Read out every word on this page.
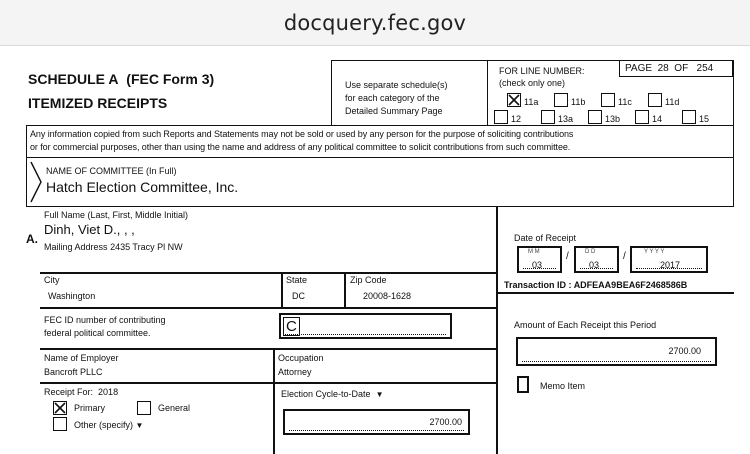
docquery.fec.gov
SCHEDULE A (FEC Form 3)
ITEMIZED RECEIPTS
Use separate schedule(s)
for each category of the
Detailed Summary Page
FOR LINE NUMBER:
(check only one)
PAGE 28 OF 254
11a	11b	11c	11d
12	13a	13b	14	15
Any information copied from such Reports and Statements may not be sold or used by any person for the purpose of soliciting contributions
or for commercial purposes, other than using the name and address of any political committee to solicit contributions from such committee.
NAME OF COMMITTEE (In Full)
Hatch Election Committee, Inc.
A.
Full Name (Last, First, Middle Initial)
Dinh, Viet D., , ,
Mailing Address 2435 Tracy Pl NW
City
Washington
State
DC
Zip Code
20008-1628
FEC ID number of contributing
federal political committee.	C
Name of Employer
Bancroft PLLC
Occupation
Attorney
Receipt For: 2018
Primary	General
Other (specify) ▼
Election Cycle-to-Date ▼
2700.00
Date of Receipt
M M
03
/	D D
03
/	Y Y Y Y
2017
Transaction ID : ADFEAA9BEA6F2468586B
Amount of Each Receipt this Period
2700.00
Memo Item
